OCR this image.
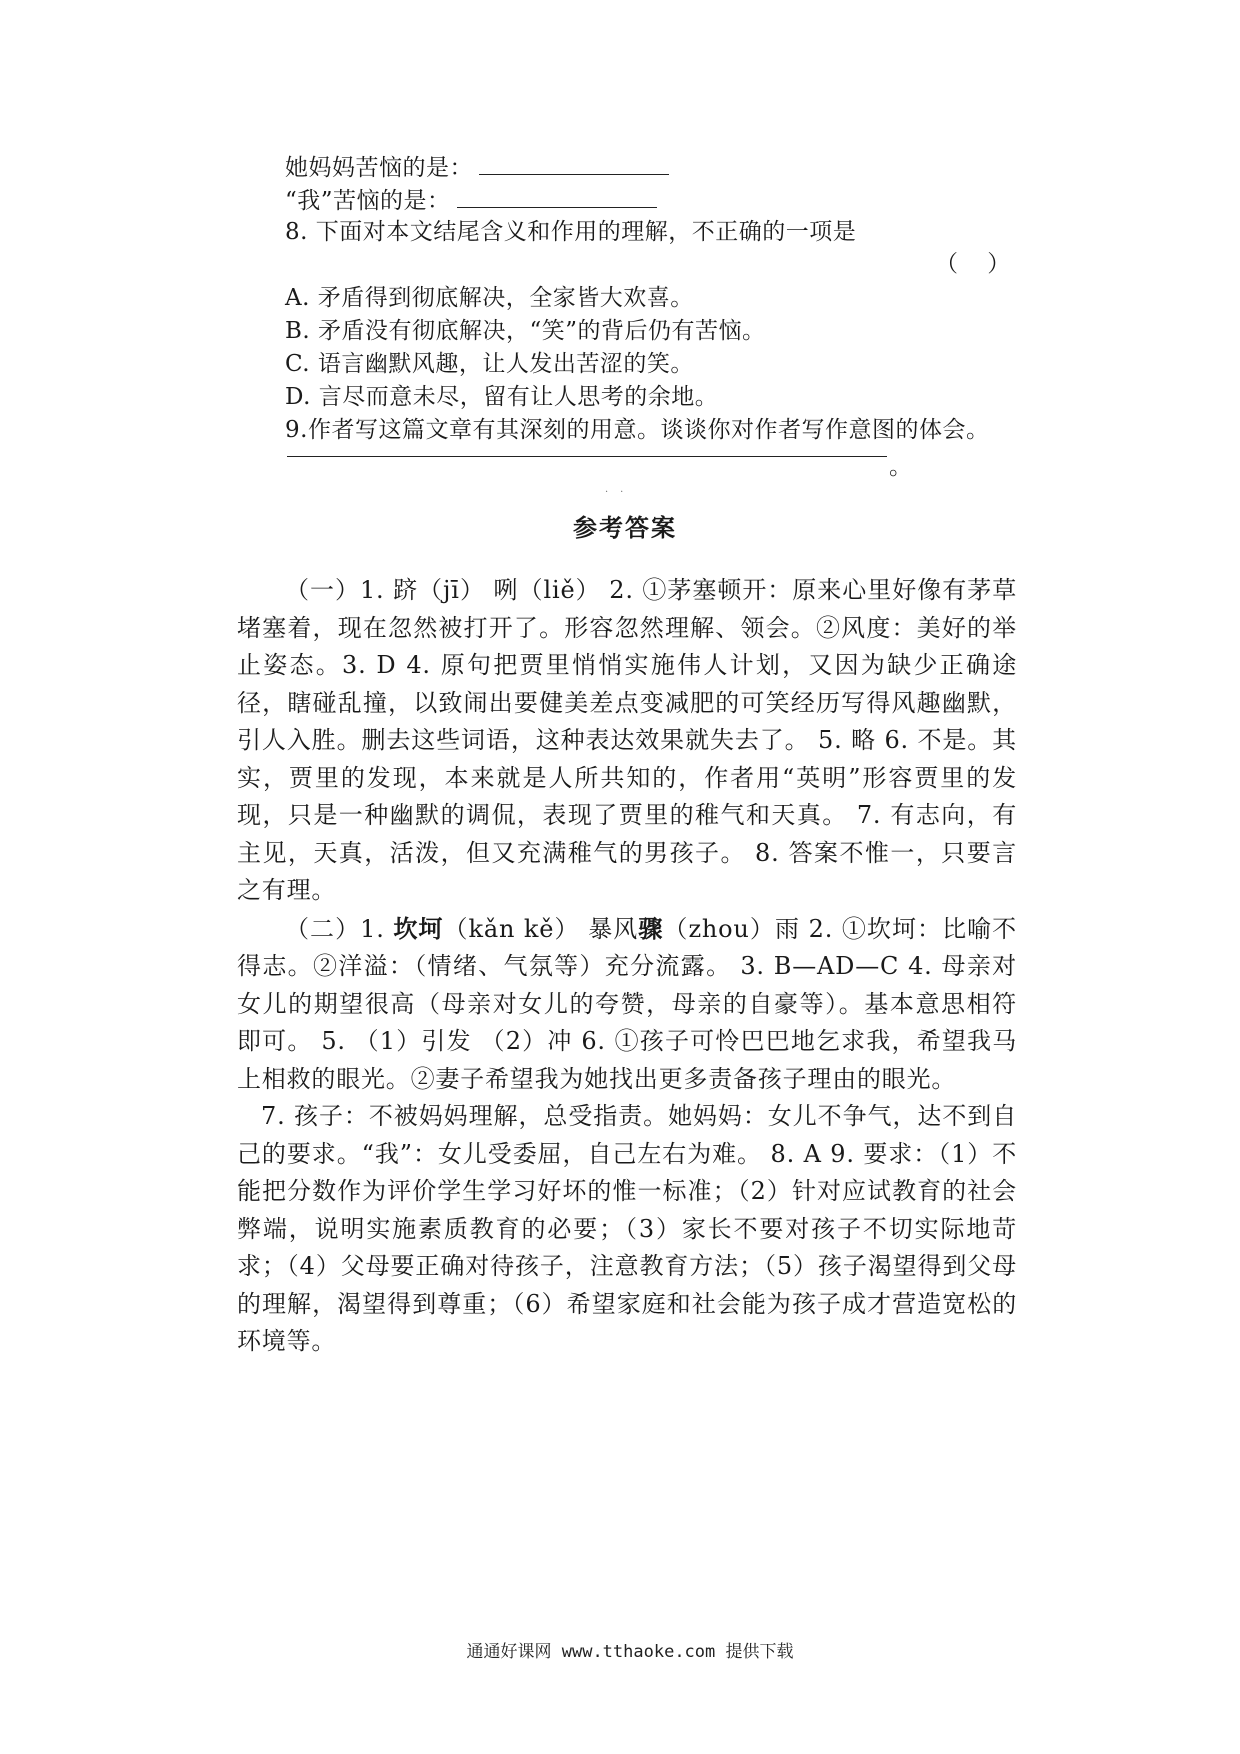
她妈妈苦恼的是：
“我”苦恼的是：
8. 下面对本文结尾含义和作用的理解，不正确的一项是
（    ）
A. 矛盾得到彻底解决，全家皆大欢喜。
B. 矛盾没有彻底解决，“笑”的背后仍有苦恼。
C. 语言幽默风趣，让人发出苦涩的笑。
D. 言尽而意未尽，留有让人思考的余地。
9.作者写这篇文章有其深刻的用意。谈谈你对作者写作意图的体会。
。
··
参考答案

（一）1. 跻（jī） 咧（liě） 2. ①茅塞顿开：原来心里好像有茅草堵塞着，现在忽然被打开了。形容忽然理解、领会。②风度：美好的举止姿态。3. D 4. 原句把贾里悄悄实施伟人计划，又因为缺少正确途径，瞎碰乱撞，以致闹出要健美差点变减肥的可笑经历写得风趣幽默，引人入胜。删去这些词语，这种表达效果就失去了。 5. 略 6. 不是。其实，贾里的发现，本来就是人所共知的，作者用“英明”形容贾里的发现，只是一种幽默的调侃，表现了贾里的稚气和天真。 7. 有志向，有主见，天真，活泼，但又充满稚气的男孩子。 8. 答案不惟一，只要言之有理。

（二）1. 坎坷（kǎn kě） 暴风骤（zhou）雨 2. ①坎坷：比喻不得志。②洋溢：（情绪、气氛等）充分流露。 3. B—AD—C 4. 母亲对女儿的期望很高（母亲对女儿的夸赞，母亲的自豪等）。基本意思相符即可。 5. （1）引发 （2）冲 6. ①孩子可怜巴巴地乞求我，希望我马上相救的眼光。②妻子希望我为她找出更多责备孩子理由的眼光。

7. 孩子：不被妈妈理解，总受指责。她妈妈：女儿不争气，达不到自己的要求。“我”：女儿受委屈，自己左右为难。 8. A 9. 要求：（1）不能把分数作为评价学生学习好坏的惟一标准；（2）针对应试教育的社会弊端，说明实施素质教育的必要；（3）家长不要对孩子不切实际地苛求；（4）父母要正确对待孩子，注意教育方法；（5）孩子渴望得到父母的理解，渴望得到尊重；（6）希望家庭和社会能为孩子成才营造宽松的环境等。

通通好课网 www.tthaoke.com 提供下载
